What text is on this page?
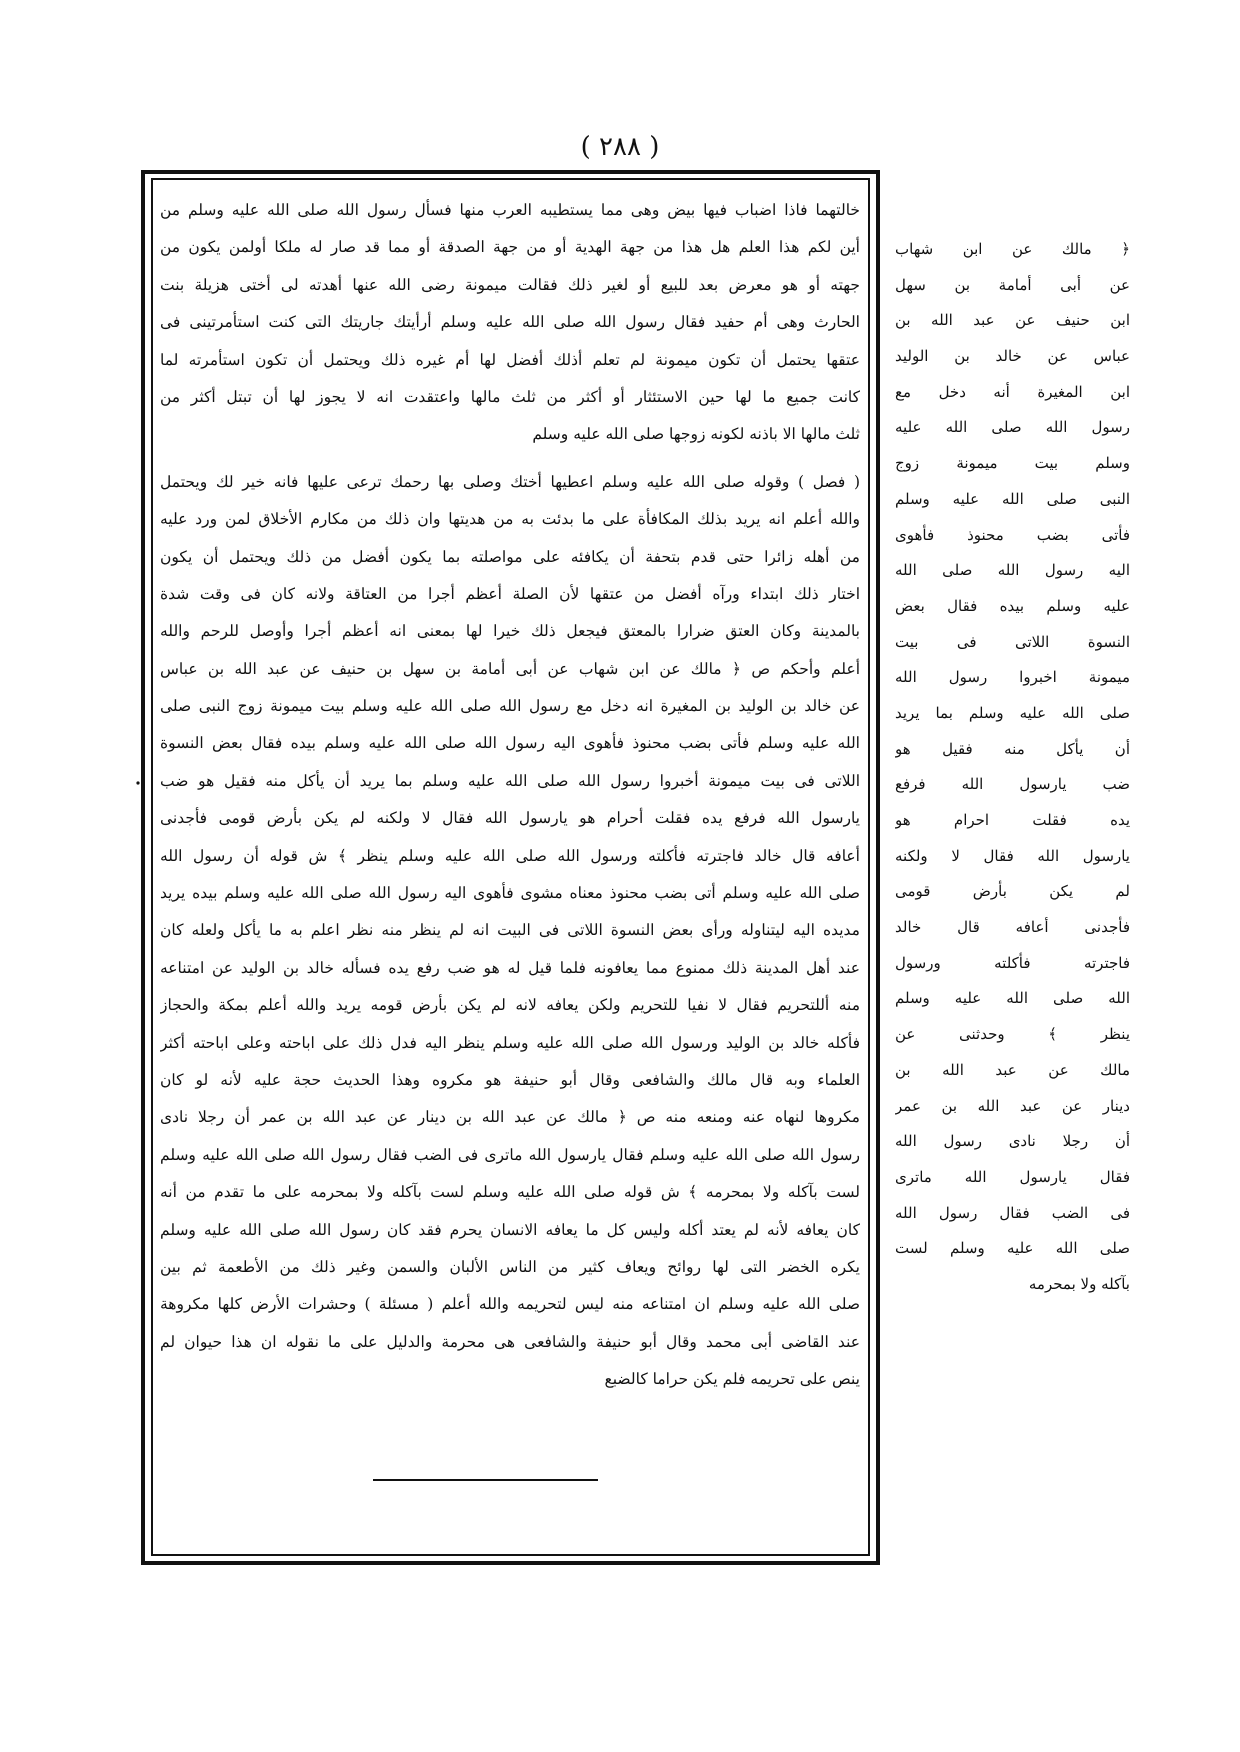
( ٢٨٨ )
خالتهما فاذا اضباب فيها بيض وهى مما يستطيبه العرب منها فسأل رسول الله صلى الله عليه وسلم من
أين لكم هذا العلم هل هذا من جهة الهدية أو من جهة الصدقة أو مما قد صار له ملكا أولمن يكون من
جهته أو هو معرض بعد للبيع أو لغير ذلك فقالت ميمونة رضى الله عنها أهدته لى أختى هزيلة بنت
الحارث وهى أم حفيد فقال رسول الله صلى الله عليه وسلم أرأيتك جاريتك التى كنت استأمرتينى فى
عتقها يحتمل أن تكون ميمونة لم تعلم أذلك أفضل لها أم غيره ذلك ويحتمل أن تكون استأمرته لما
كانت جميع ما لها حين الاستئثار أو أكثر من ثلث مالها واعتقدت انه لا يجوز لها أن تبتل أكثر من
ثلث مالها الا باذنه لكونه زوجها صلى الله عليه وسلم
( فصل ) وقوله صلى الله عليه وسلم اعطيها أختك وصلى بها رحمك ترعى عليها فانه خير لك ويحتمل
والله أعلم انه يريد بذلك المكافأة على ما بدئت به من هديتها وان ذلك من مكارم الأخلاق لمن ورد عليه
من أهله زائرا حتى قدم بتحفة أن يكافئه على مواصلته بما يكون أفضل من ذلك ويحتمل أن يكون
اختار ذلك ابتداء ورآه أفضل من عتقها لأن الصلة أعظم أجرا من العتاقة ولانه كان فى وقت شدة
بالمدينة وكان العتق ضرارا بالمعتق فيجعل ذلك خيرا لها بمعنى انه أعظم أجرا وأوصل للرحم والله
أعلم وأحكم ص ﴿ مالك عن ابن شهاب عن أبى أمامة بن سهل بن حنيف عن عبد الله بن عباس
عن خالد بن الوليد بن المغيرة انه دخل مع رسول الله صلى الله عليه وسلم بيت ميمونة زوج النبى صلى
الله عليه وسلم فأتى بضب محنوذ فأهوى اليه رسول الله صلى الله عليه وسلم بيده فقال بعض النسوة
اللاتى فى بيت ميمونة أخبروا رسول الله صلى الله عليه وسلم بما يريد أن يأكل منه فقيل هو ضب
يارسول الله فرفع يده فقلت أحرام هو يارسول الله فقال لا ولكنه لم يكن بأرض قومى فأجدنى
أعافه قال خالد فاجترته فأكلته ورسول الله صلى الله عليه وسلم ينظر ﴾ ش قوله أن رسول الله
صلى الله عليه وسلم أتى بضب محنوذ معناه مشوى فأهوى اليه رسول الله صلى الله عليه وسلم بيده يريد
مديده اليه ليتناوله ورأى بعض النسوة اللاتى فى البيت انه لم ينظر منه نظر اعلم به ما يأكل ولعله كان
عند أهل المدينة ذلك ممنوع مما يعافونه فلما قيل له هو ضب رفع يده فسأله خالد بن الوليد عن امتناعه
منه أللتحريم فقال لا نفيا للتحريم ولكن يعافه لانه لم يكن بأرض قومه يريد والله أعلم بمكة والحجاز
فأكله خالد بن الوليد ورسول الله صلى الله عليه وسلم ينظر اليه فدل ذلك على اباحته وعلى اباحته أكثر
العلماء وبه قال مالك والشافعى وقال أبو حنيفة هو مكروه وهذا الحديث حجة عليه لأنه لو كان
مكروها لنهاه عنه ومنعه منه ص ﴿ مالك عن عبد الله بن دينار عن عبد الله بن عمر أن رجلا نادى
رسول الله صلى الله عليه وسلم فقال يارسول الله ماترى فى الضب فقال رسول الله صلى الله عليه وسلم
لست بآكله ولا بمحرمه ﴾ ش قوله صلى الله عليه وسلم لست بآكله ولا بمحرمه على ما تقدم من أنه
كان يعافه لأنه لم يعتد أكله وليس كل ما يعافه الانسان يحرم فقد كان رسول الله صلى الله عليه وسلم
يكره الخضر التى لها روائح ويعاف كثير من الناس الألبان والسمن وغير ذلك من الأطعمة ثم بين
صلى الله عليه وسلم ان امتناعه منه ليس لتحريمه والله أعلم ( مسئلة ) وحشرات الأرض كلها مكروهة
عند القاضى أبى محمد وقال أبو حنيفة والشافعى هى محرمة والدليل على ما نقوله ان هذا حيوان لم
ينص على تحريمه فلم يكن حراما كالضبع
﴿ مالك عن ابن شهاب
عن أبى أمامة بن سهل
ابن حنيف عن عبد الله بن
عباس عن خالد بن الوليد
ابن المغيرة أنه دخل مع
رسول الله صلى الله عليه
وسلم بيت ميمونة زوج
النبى صلى الله عليه وسلم
فأتى بضب محنوذ فأهوى
اليه رسول الله صلى الله
عليه وسلم بيده فقال بعض
النسوة اللاتى فى بيت
ميمونة اخبروا رسول الله
صلى الله عليه وسلم بما يريد
أن يأكل منه فقيل هو
ضب يارسول الله فرفع
يده فقلت احرام هو
يارسول الله فقال لا ولكنه
لم يكن بأرض قومى
فأجدنى أعافه قال خالد
فاجترته فأكلته ورسول
الله صلى الله عليه وسلم
ينظر ﴾ وحدثنى عن
مالك عن عبد الله بن
دينار عن عبد الله بن عمر
أن رجلا نادى رسول الله
فقال يارسول الله ماترى
فى الضب فقال رسول الله
صلى الله عليه وسلم لست
بآكله ولا بمحرمه
